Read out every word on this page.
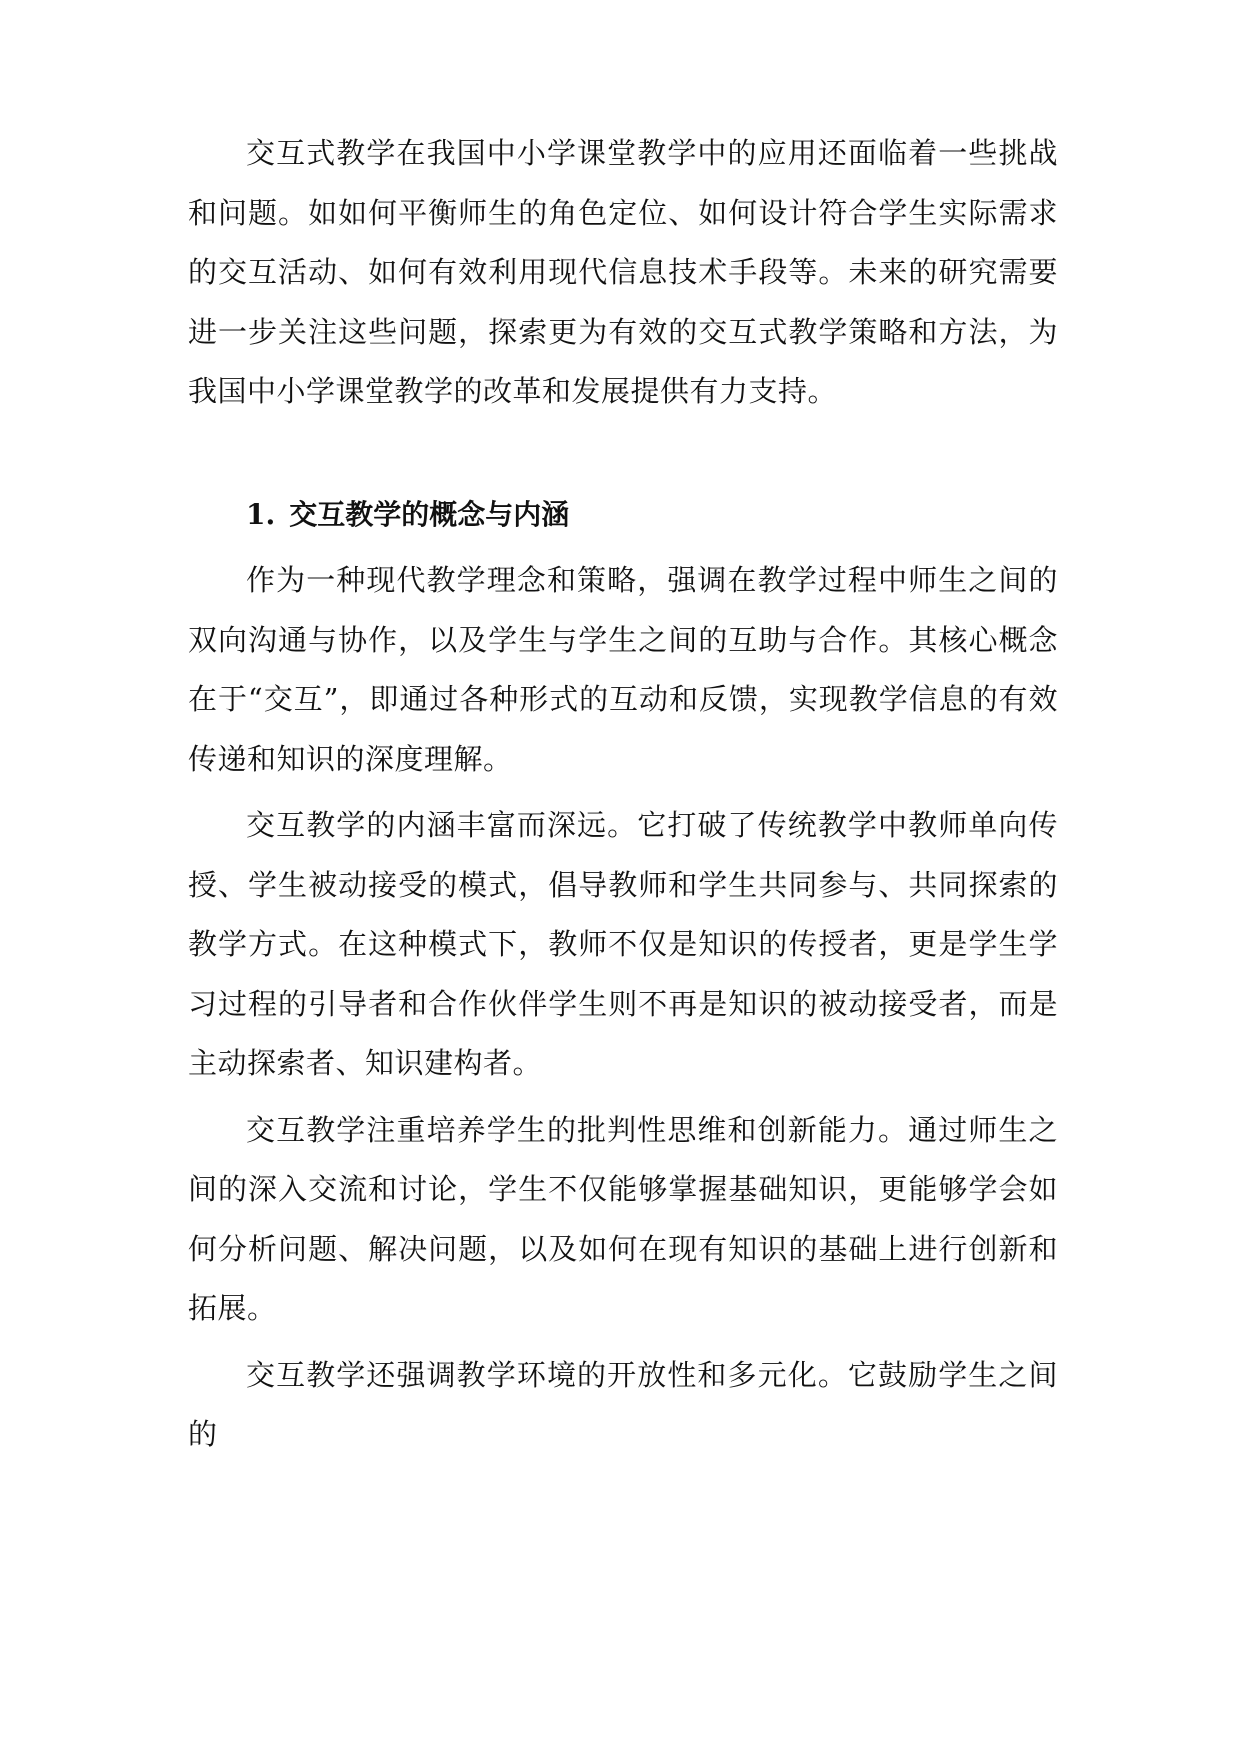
交互式教学在我国中小学课堂教学中的应用还面临着一些挑战和问题。如如何平衡师生的角色定位、如何设计符合学生实际需求的交互活动、如何有效利用现代信息技术手段等。未来的研究需要进一步关注这些问题，探索更为有效的交互式教学策略和方法，为我国中小学课堂教学的改革和发展提供有力支持。

1. 交互教学的概念与内涵

作为一种现代教学理念和策略，强调在教学过程中师生之间的双向沟通与协作，以及学生与学生之间的互助与合作。其核心概念在于“交互”，即通过各种形式的互动和反馈，实现教学信息的有效传递和知识的深度理解。

交互教学的内涵丰富而深远。它打破了传统教学中教师单向传授、学生被动接受的模式，倡导教师和学生共同参与、共同探索的教学方式。在这种模式下，教师不仅是知识的传授者，更是学生学习过程的引导者和合作伙伴学生则不再是知识的被动接受者，而是主动探索者、知识建构者。

交互教学注重培养学生的批判性思维和创新能力。通过师生之间的深入交流和讨论，学生不仅能够掌握基础知识，更能够学会如何分析问题、解决问题，以及如何在现有知识的基础上进行创新和拓展。

交互教学还强调教学环境的开放性和多元化。它鼓励学生之间的
